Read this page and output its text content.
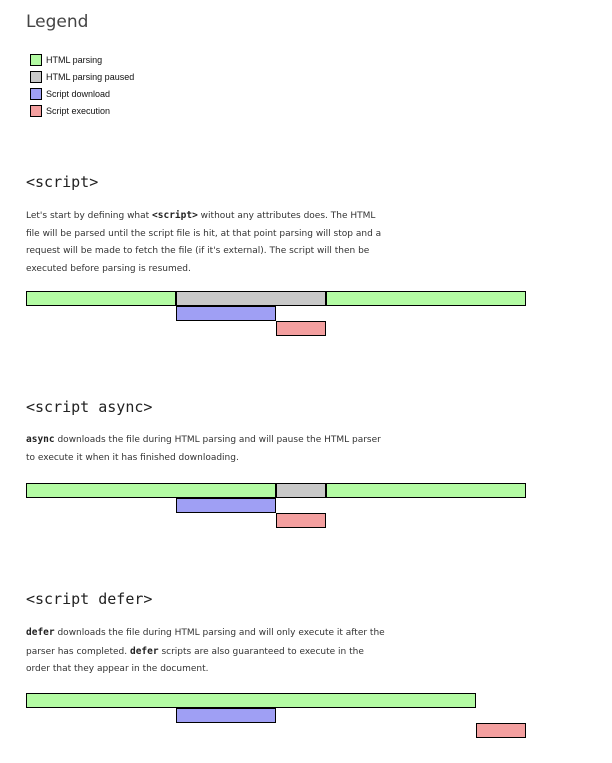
Legend
HTML parsing
HTML parsing paused
Script download
Script execution
<script>
Let's start by defining what <script> without any attributes does. The HTML file will be parsed until the script file is hit, at that point parsing will stop and a request will be made to fetch the file (if it's external). The script will then be executed before parsing is resumed.
<script async>
async downloads the file during HTML parsing and will pause the HTML parser to execute it when it has finished downloading.
<script defer>
defer downloads the file during HTML parsing and will only execute it after the parser has completed. defer scripts are also guaranteed to execute in the order that they appear in the document.
